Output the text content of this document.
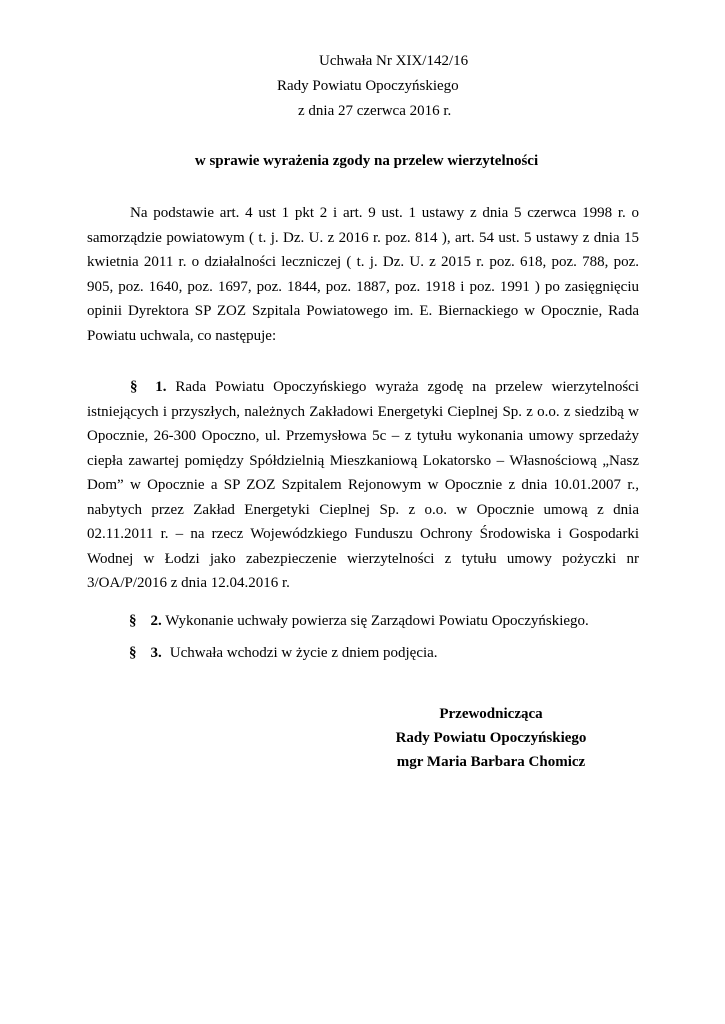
Uchwała Nr XIX/142/16
Rady Powiatu Opoczyńskiego
z dnia 27 czerwca 2016 r.
w sprawie wyrażenia zgody na przelew wierzytelności

Na podstawie art. 4 ust 1 pkt 2 i art. 9 ust. 1 ustawy z dnia 5 czerwca 1998 r. o samorządzie powiatowym ( t. j. Dz. U. z 2016 r. poz. 814 ), art. 54 ust. 5 ustawy z dnia 15 kwietnia 2011 r. o działalności leczniczej ( t. j. Dz. U. z 2015 r. poz. 618, poz. 788, poz. 905, poz. 1640, poz. 1697, poz. 1844, poz. 1887, poz. 1918 i poz. 1991 ) po zasięgnięciu opinii Dyrektora SP ZOZ Szpitala Powiatowego im. E. Biernackiego w Opocznie, Rada Powiatu uchwala, co następuje:

§ 1. Rada Powiatu Opoczyńskiego wyraża zgodę na przelew wierzytelności istniejących i przyszłych, należnych Zakładowi Energetyki Cieplnej Sp. z o.o. z siedzibą w Opocznie, 26-300 Opoczno, ul. Przemysłowa 5c – z tytułu wykonania umowy sprzedaży ciepła zawartej pomiędzy Spółdzielnią Mieszkaniową Lokatorsko – Własnościową „Nasz Dom” w Opocznie a SP ZOZ Szpitalem Rejonowym w Opocznie z dnia 10.01.2007 r., nabytych przez Zakład Energetyki Cieplnej Sp. z o.o. w Opocznie umową z dnia 02.11.2011 r. – na rzecz Wojewódzkiego Funduszu Ochrony Środowiska i Gospodarki Wodnej w Łodzi jako zabezpieczenie wierzytelności z tytułu umowy pożyczki nr 3/OA/P/2016 z dnia 12.04.2016 r.

§ 2. Wykonanie uchwały powierza się Zarządowi Powiatu Opoczyńskiego.
§ 3. Uchwała wchodzi w życie z dniem podjęcia.
Przewodnicząca
Rady Powiatu Opoczyńskiego
mgr Maria Barbara Chomicz
